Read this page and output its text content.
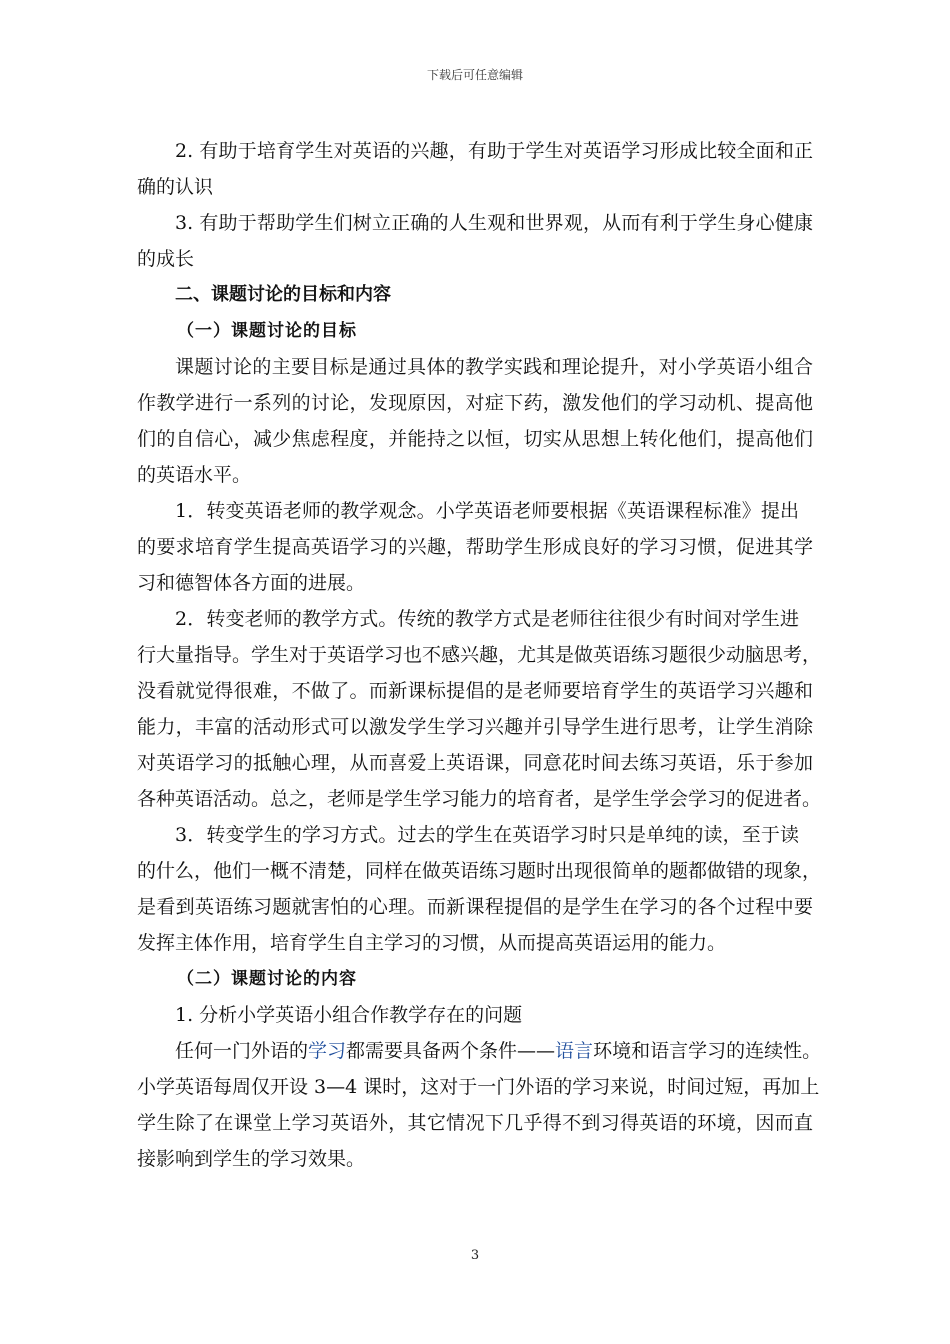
下载后可任意编辑
2. 有助于培育学生对英语的兴趣，有助于学生对英语学习形成比较全面和正
确的认识
3. 有助于帮助学生们树立正确的人生观和世界观，从而有利于学生身心健康
的成长
二、课题讨论的目标和内容
（一）课题讨论的目标
课题讨论的主要目标是通过具体的教学实践和理论提升，对小学英语小组合
作教学进行一系列的讨论，发现原因，对症下药，激发他们的学习动机、提高他
们的自信心，减少焦虑程度，并能持之以恒，切实从思想上转化他们，提高他们
的英语水平。
1．转变英语老师的教学观念。小学英语老师要根据《英语课程标准》提出
的要求培育学生提高英语学习的兴趣，帮助学生形成良好的学习习惯，促进其学
习和德智体各方面的进展。
2．转变老师的教学方式。传统的教学方式是老师往往很少有时间对学生进
行大量指导。学生对于英语学习也不感兴趣，尤其是做英语练习题很少动脑思考，
没看就觉得很难，不做了。而新课标提倡的是老师要培育学生的英语学习兴趣和
能力，丰富的活动形式可以激发学生学习兴趣并引导学生进行思考，让学生消除
对英语学习的抵触心理，从而喜爱上英语课，同意花时间去练习英语，乐于参加
各种英语活动。总之，老师是学生学习能力的培育者，是学生学会学习的促进者。
3．转变学生的学习方式。过去的学生在英语学习时只是单纯的读，至于读
的什么，他们一概不清楚，同样在做英语练习题时出现很简单的题都做错的现象，
是看到英语练习题就害怕的心理。而新课程提倡的是学生在学习的各个过程中要
发挥主体作用，培育学生自主学习的习惯，从而提高英语运用的能力。
（二）课题讨论的内容
1. 分析小学英语小组合作教学存在的问题
任何一门外语的学习都需要具备两个条件——语言环境和语言学习的连续性。
小学英语每周仅开设 3—4 课时，这对于一门外语的学习来说，时间过短，再加上
学生除了在课堂上学习英语外，其它情况下几乎得不到习得英语的环境，因而直
接影响到学生的学习效果。
3
